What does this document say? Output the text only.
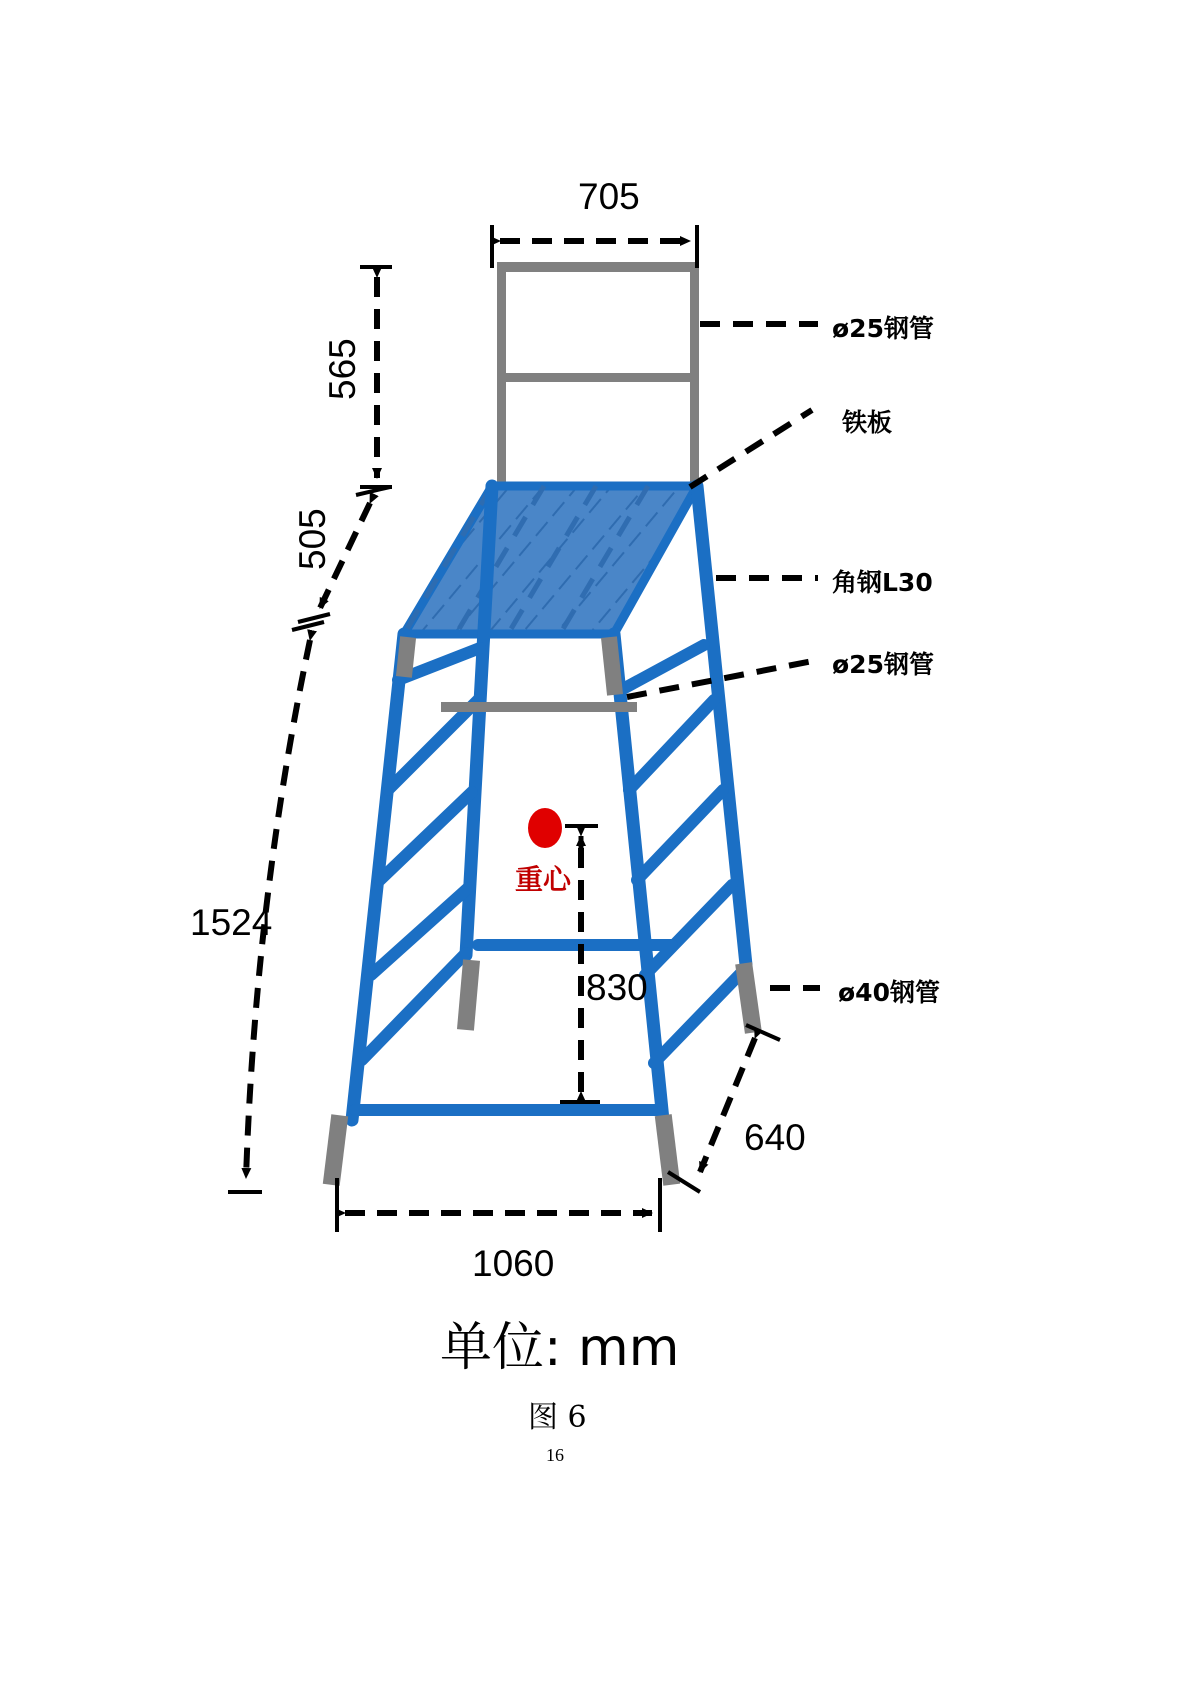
705
565
505
1524
830
640
1060
重心
ø25钢管
铁板
角钢L30
ø25钢管
ø40钢管
单位: mm
图 6
16
